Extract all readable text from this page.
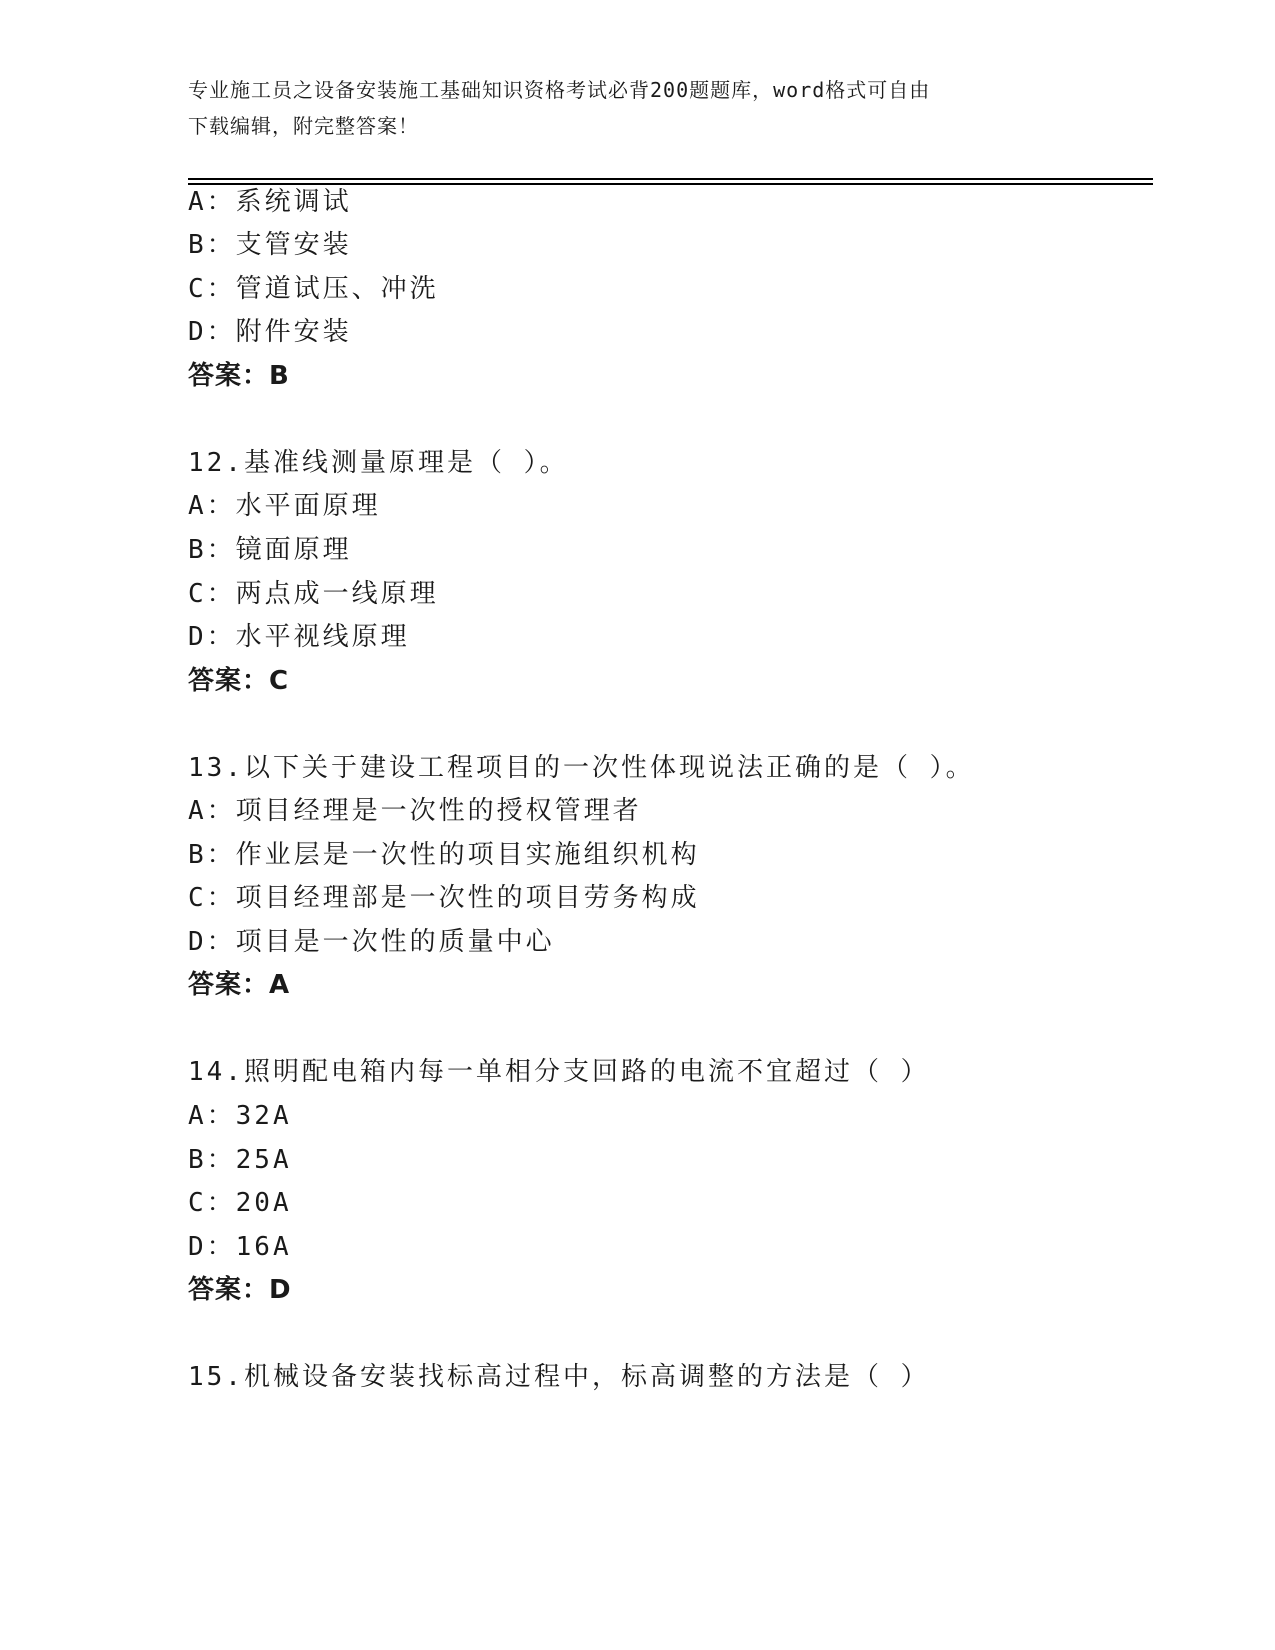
专业施工员之设备安装施工基础知识资格考试必背200题题库，word格式可自由
下载编辑，附完整答案！
A：系统调试
B：支管安装
C：管道试压、冲洗
D：附件安装
答案：B
12.基准线测量原理是（ ）。
A：水平面原理
B：镜面原理
C：两点成一线原理
D：水平视线原理
答案：C
13.以下关于建设工程项目的一次性体现说法正确的是（ ）。
A：项目经理是一次性的授权管理者
B：作业层是一次性的项目实施组织机构
C：项目经理部是一次性的项目劳务构成
D：项目是一次性的质量中心
答案：A
14.照明配电箱内每一单相分支回路的电流不宜超过（ ）
A：32A
B：25A
C：20A
D：16A
答案：D
15.机械设备安装找标高过程中，标高调整的方法是（ ）
